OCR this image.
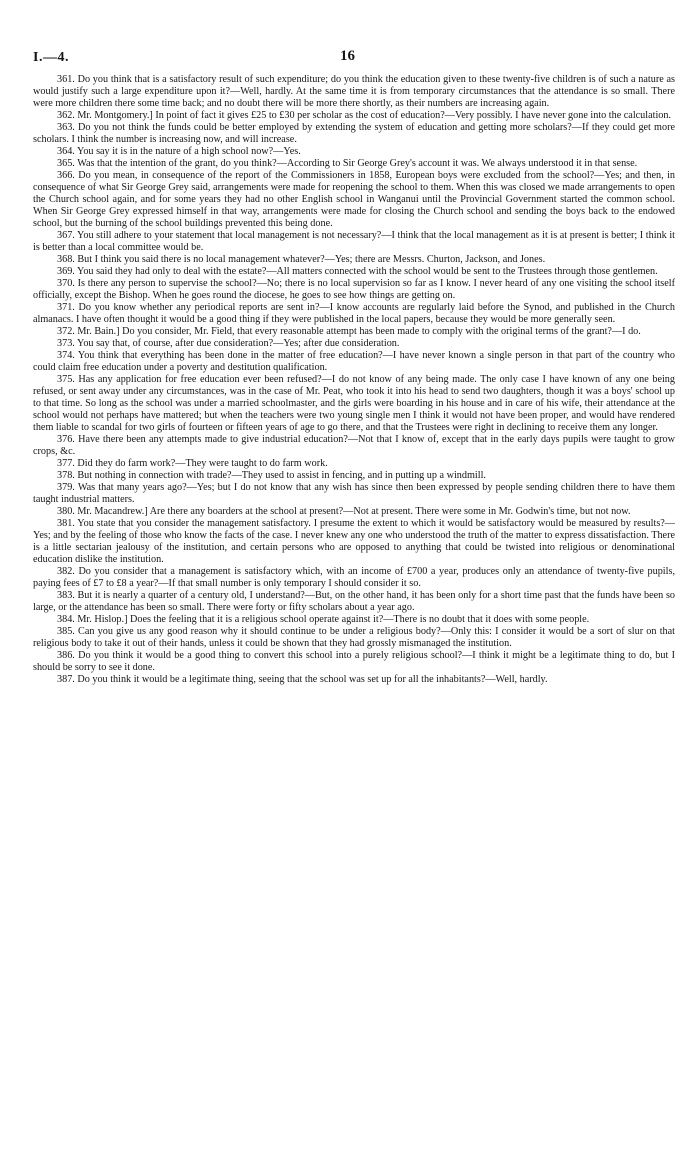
I.—4.	16

361. Do you think that is a satisfactory result of such expenditure; do you think the education given to these twenty-five children is of such a nature as would justify such a large expenditure upon it?—Well, hardly. At the same time it is from temporary circumstances that the attendance is so small. There were more children there some time back; and no doubt there will be more there shortly, as their numbers are increasing again.

362. Mr. Montgomery.] In point of fact it gives £25 to £30 per scholar as the cost of education?—Very possibly. I have never gone into the calculation.

363. Do you not think the funds could be better employed by extending the system of education and getting more scholars?—If they could get more scholars. I think the number is increasing now, and will increase.

364. You say it is in the nature of a high school now?—Yes.

365. Was that the intention of the grant, do you think?—According to Sir George Grey's account it was. We always understood it in that sense.

366. Do you mean, in consequence of the report of the Commissioners in 1858, European boys were excluded from the school?—Yes; and then, in consequence of what Sir George Grey said, arrangements were made for reopening the school to them. When this was closed we made arrangements to open the Church school again, and for some years they had no other English school in Wanganui until the Provincial Government started the common school. When Sir George Grey expressed himself in that way, arrangements were made for closing the Church school and sending the boys back to the endowed school, but the burning of the school buildings prevented this being done.

367. You still adhere to your statement that local management is not necessary?—I think that the local management as it is at present is better; I think it is better than a local committee would be.

368. But I think you said there is no local management whatever?—Yes; there are Messrs. Churton, Jackson, and Jones.

369. You said they had only to deal with the estate?—All matters connected with the school would be sent to the Trustees through those gentlemen.

370. Is there any person to supervise the school?—No; there is no local supervision so far as I know. I never heard of any one visiting the school itself officially, except the Bishop. When he goes round the diocese, he goes to see how things are getting on.

371. Do you know whether any periodical reports are sent in?—I know accounts are regularly laid before the Synod, and published in the Church almanacs. I have often thought it would be a good thing if they were published in the local papers, because they would be more generally seen.

372. Mr. Bain.] Do you consider, Mr. Field, that every reasonable attempt has been made to comply with the original terms of the grant?—I do.

373. You say that, of course, after due consideration?—Yes; after due consideration.

374. You think that everything has been done in the matter of free education?—I have never known a single person in that part of the country who could claim free education under a poverty and destitution qualification.

375. Has any application for free education ever been refused?—I do not know of any being made. The only case I have known of any one being refused, or sent away under any circumstances, was in the case of Mr. Peat, who took it into his head to send two daughters, though it was a boys' school up to that time. So long as the school was under a married schoolmaster, and the girls were boarding in his house and in care of his wife, their attendance at the school would not perhaps have mattered; but when the teachers were two young single men I think it would not have been proper, and would have rendered them liable to scandal for two girls of fourteen or fifteen years of age to go there, and that the Trustees were right in declining to receive them any longer.

376. Have there been any attempts made to give industrial education?—Not that I know of, except that in the early days pupils were taught to grow crops, &c.

377. Did they do farm work?—They were taught to do farm work.

378. But nothing in connection with trade?—They used to assist in fencing, and in putting up a windmill.

379. Was that many years ago?—Yes; but I do not know that any wish has since then been expressed by people sending children there to have them taught industrial matters.

380. Mr. Macandrew.] Are there any boarders at the school at present?—Not at present. There were some in Mr. Godwin's time, but not now.

381. You state that you consider the management satisfactory. I presume the extent to which it would be satisfactory would be measured by results?—Yes; and by the feeling of those who know the facts of the case. I never knew any one who understood the truth of the matter to express dissatisfaction. There is a little sectarian jealousy of the institution, and certain persons who are opposed to anything that could be twisted into religious or denominational education dislike the institution.

382. Do you consider that a management is satisfactory which, with an income of £700 a year, produces only an attendance of twenty-five pupils, paying fees of £7 to £8 a year?—If that small number is only temporary I should consider it so.

383. But it is nearly a quarter of a century old, I understand?—But, on the other hand, it has been only for a short time past that the funds have been so large, or the attendance has been so small. There were forty or fifty scholars about a year ago.

384. Mr. Hislop.] Does the feeling that it is a religious school operate against it?—There is no doubt that it does with some people.

385. Can you give us any good reason why it should continue to be under a religious body?—Only this: I consider it would be a sort of slur on that religious body to take it out of their hands, unless it could be shown that they had grossly mismanaged the institution.

386. Do you think it would be a good thing to convert this school into a purely religious school?—I think it might be a legitimate thing to do, but I should be sorry to see it done.

387. Do you think it would be a legitimate thing, seeing that the school was set up for all the inhabitants?—Well, hardly.
